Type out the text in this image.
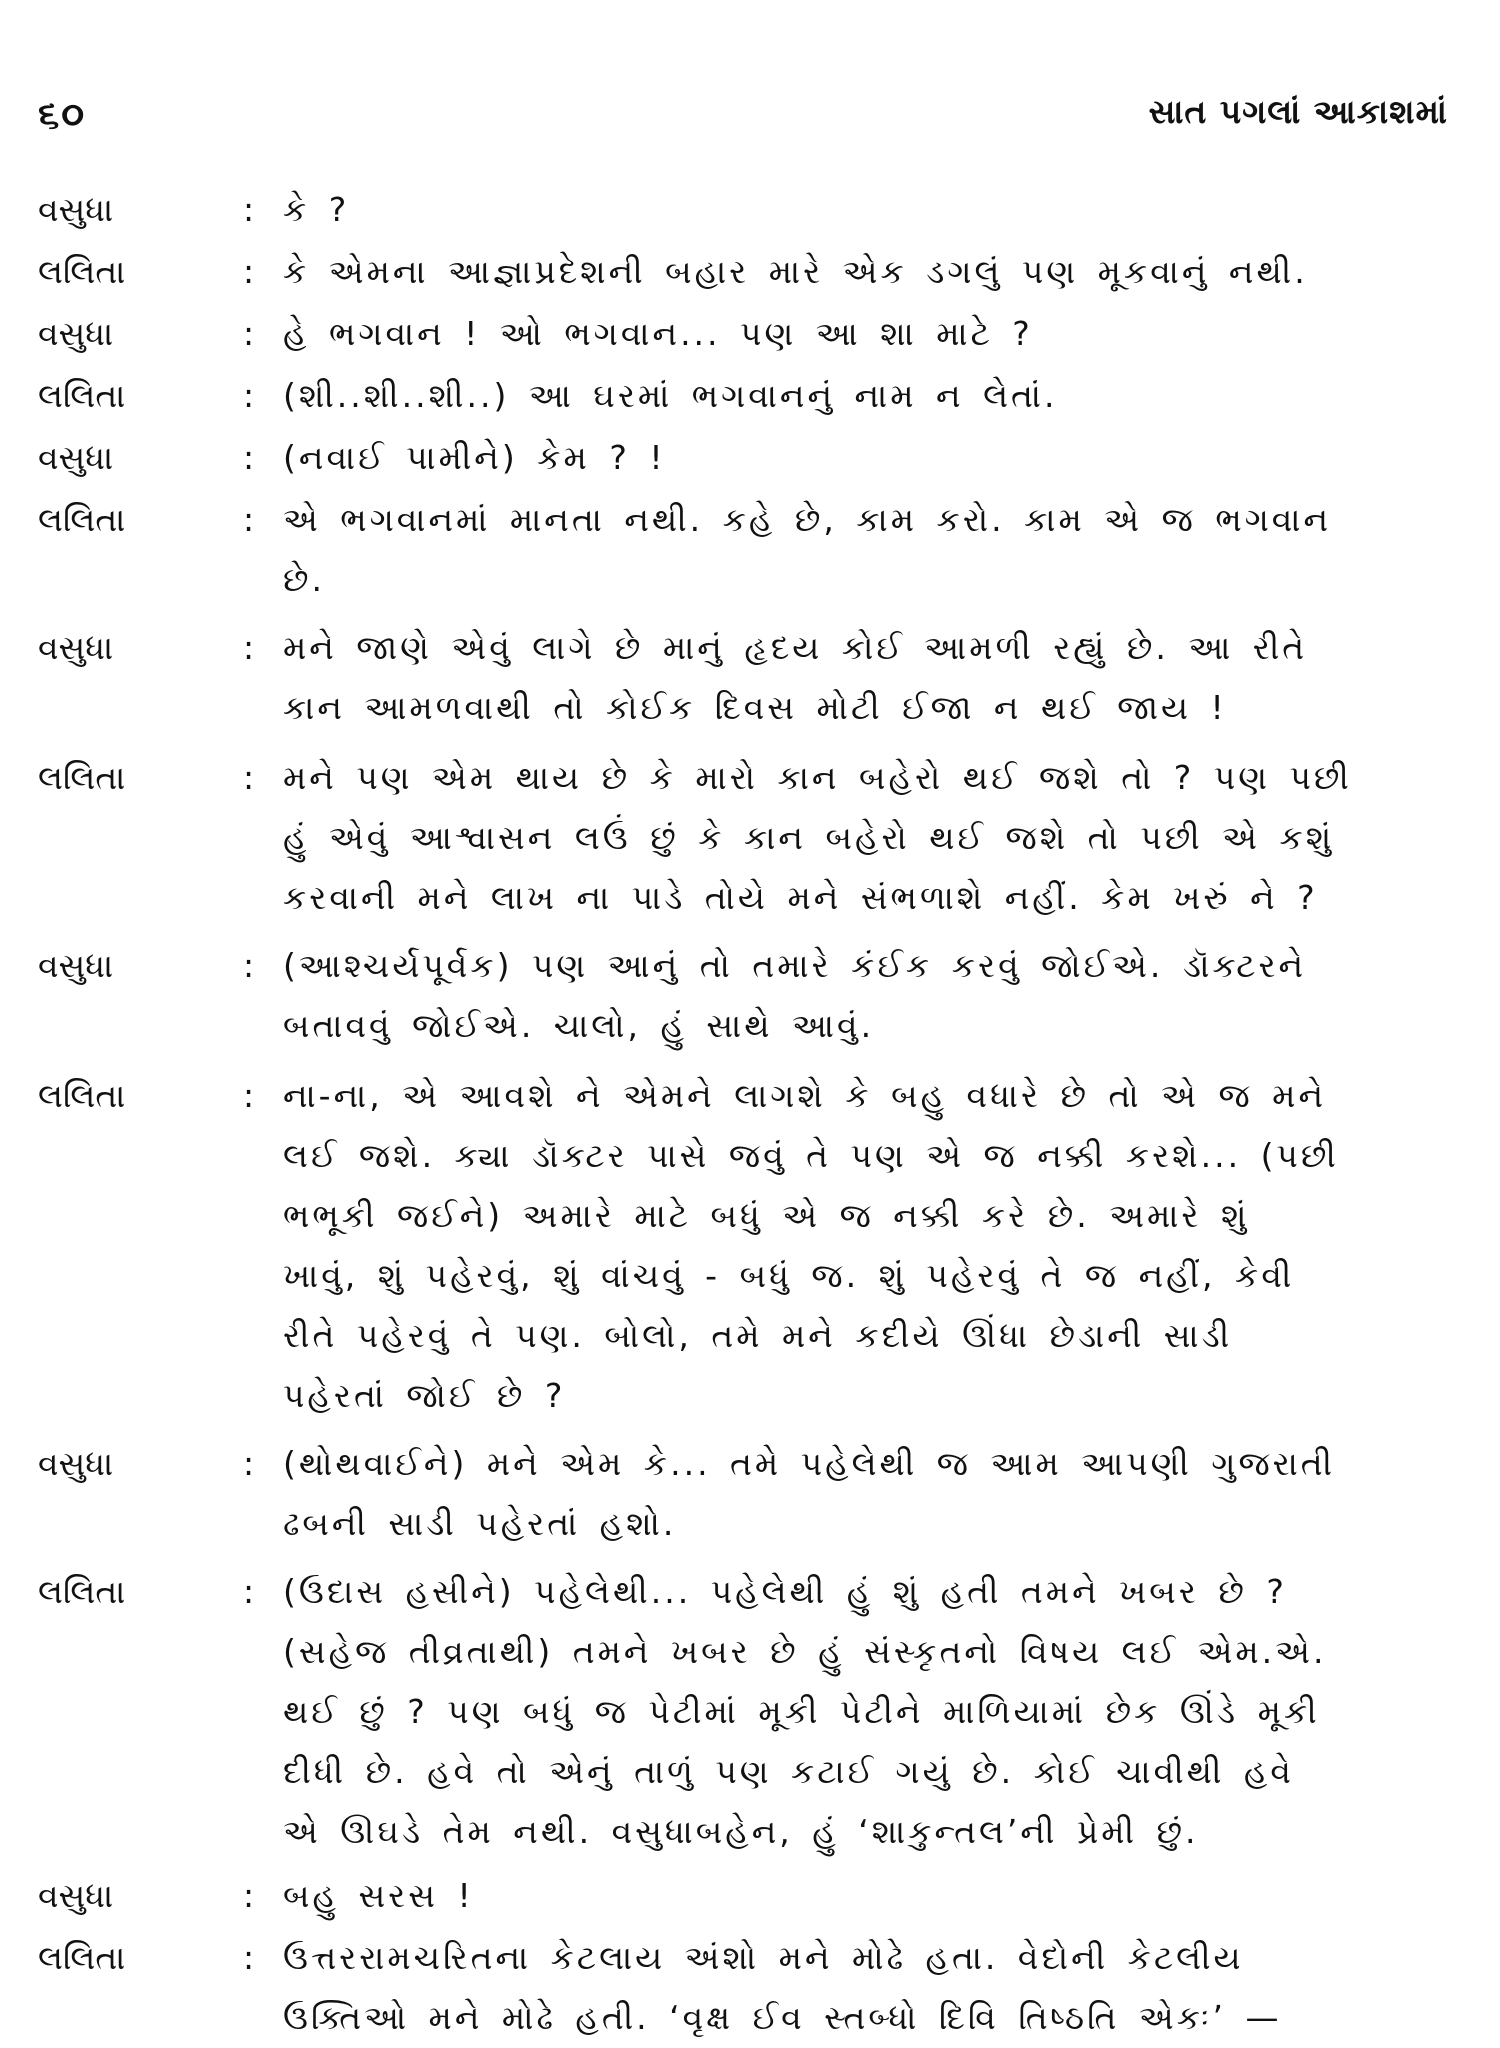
૬૦	સાત પગલાં આકાશમાં
વસુધા	: કે ?
લલિતા	: કે એમના આજ્ઞાપ્રદેશની બહાર મારે એક ડગલું પણ મૂકવાનું નથી.
વસુધા	: હે ભગવાન ! ઓ ભગવાન... પણ આ શા માટે ?
લલિતા	: (શી..શી..શી..) આ ઘરમાં ભગવાનનું નામ ન લેતાં.
વસુધા	: (નવાઈ પામીને) કેમ ? !
લલિતા	: એ ભગવાનમાં માનતા નથી. કહે છે, કામ કરો. કામ એ જ ભગવાન
છે.
વસુધા	: મને જાણે એવું લાગે છે માનું હૃદય કોઈ આમળી રહ્યું છે. આ રીતે
કાન આમળવાથી તો કોઈક દિવસ મોટી ઈજા ન થઈ જાય !
લલિતા	: મને પણ એમ થાય છે કે મારો કાન બહેરો થઈ જશે તો ? પણ પછી
હું એવું આશ્વાસન લઉં છું કે કાન બહેરો થઈ જશે તો પછી એ કશું
કરવાની મને લાખ ના પાડે તોયે મને સંભળાશે નહીં. કેમ ખરું ને ?
વસુધા	: (આશ્ચર્યપૂર્વક) પણ આનું તો તમારે કંઈક કરવું જોઈએ. ડૉક્ટરને
બતાવવું જોઈએ. ચાલો, હું સાથે આવું.
લલિતા	: ના-ના, એ આવશે ને એમને લાગશે કે બહુ વધારે છે તો એ જ મને
લઈ જશે. ક્યા ડૉક્ટર પાસે જવું તે પણ એ જ નક્કી કરશે... (પછી
ભભૂકી જઈને) અમારે માટે બધું એ જ નક્કી કરે છે. અમારે શું
ખાવું, શું પહેરવું, શું વાંચવું - બધું જ. શું પહેરવું તે જ નહીં, કેવી
રીતે પહેરવું તે પણ. બોલો, તમે મને કદીયે ઊંધા છેડાની સાડી
પહેરતાં જોઈ છે ?
વસુધા	: (થોથવાઈને) મને એમ કે... તમે પહેલેથી જ આમ આપણી ગુજરાતી
ઢબની સાડી પહેરતાં હશો.
લલિતા	: (ઉદાસ હસીને) પહેલેથી... પહેલેથી હું શું હતી તમને ખબર છે ?
(સહેજ તીવ્રતાથી) તમને ખબર છે હું સંસ્કૃતનો વિષય લઈ એમ.એ.
થઈ છું ? પણ બધું જ પેટીમાં મૂકી પેટીને માળિયામાં છેક ઊંડે મૂકી
દીધી છે. હવે તો એનું તાળું પણ કટાઈ ગયું છે. કોઈ ચાવીથી હવે
એ ઊઘડે તેમ નથી. વસુધાબહેન, હું ‘શાકુન્તલ’ની પ્રેમી છું.
વસુધા	: બહુ સરસ !
લલિતા	: ઉત્તરરામચરિતના કેટલાય અંશો મને મોઢે હતા. વેદોની કેટલીય
ઉક્તિઓ મને મોઢે હતી. ‘વૃક્ષ ઈવ સ્તબ્ધો દિવિ તિષ્ઠતિ એકઃ’ —
